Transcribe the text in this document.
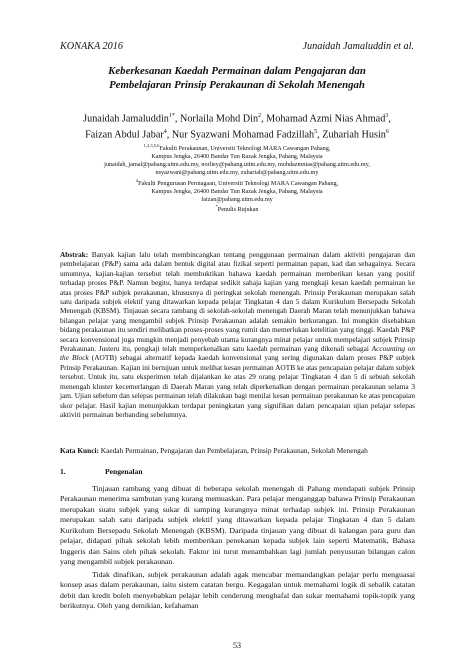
KONAKA 2016	Junaidah Jamaluddin et al.
Keberkesanan Kaedah Permainan dalam Pengajaran dan
Pembelajaran Prinsip Perakaunan di Sekolah Menengah
Junaidah Jamaluddin$^{1*}$, Norlaila Mohd Din$^2$, Mohamad Azmi Nias Ahmad$^3$,
Faizan Abdul Jabar$^4$, Nur Syazwani Mohamad Fadzillah$^5$, Zuhariah Husin$^6$
$^{1,2,3,5,6}$Fakulti Perakaunan, Universiti Teknologi MARA Cawangan Pahang,
Kampus Jengka, 26400 Bandar Tun Razak Jengka, Pahang, Malaysia
junaidah_jamal@pahang.uitm.edu.my, norliey@pahang.uitm.edu.my, mohdazmnias@pahang.uitm.edu.my,
nsyazwani@pahang.uitm.edu.my, zuhariah@pahang.uitm.edu.my
$^4$Fakulti Pengurusan Perniagaan, Universiti Teknologi MARA Cawangan Pahang,
Kampus Jengka, 26400 Bandar Tun Razak Jengka, Pahang, Malaysia
faizan@pahang.uitm.edu.my
*Penulis Rujukan
Abstrak: Banyak kajian lalu telah membincangkan tentang penggunaan permainan dalam aktiviti pengajaran dan pembelajaran (P&P) sama ada dalam bentuk digital atau fizikal seperti permainan papan, kad dan sebagainya. Secara umumnya, kajian-kajian tersebut telah membuktikan bahawa kaedah permainan memberikan kesan yang positif terhadap proses P&P. Namun begitu, hanya terdapat sedikit sahaja kajian yang mengkaji kesan kaedah permainan ke atas proses P&P subjek perakaunan, khususnya di peringkat sekolah menengah. Prinsip Perakaunan merupakan salah satu daripada subjek elektif yang ditawarkan kepada pelajar Tingkatan 4 dan 5 dalam Kurikulum Bersepadu Sekolah Menengah (KBSM). Tinjauan secara rambang di sekolah-sekolah menengah Daerah Maran telah menunjukkan bahawa bilangan pelajar yang mengambil subjek Prinsip Perakaunan adalah semakin berkurangan. Ini mungkin disebabkan bidang perakaunan itu sendiri melibatkan proses-proses yang rumit dan memerlukan ketelitian yang tinggi. Kaedah P&P secara konvensional juga mungkin menjadi penyebab utama kurangnya minat pelajar untuk mempelajari subjek Prinsip Perakaunan. Justeru itu, pengkaji telah memperkenalkan satu kaedah permainan yang dikenali sebagai Accounting on the Block (AOTB) sebagai alternatif kepada kaedah konvensional yang sering digunakan dalam proses P&P subjek Prinsip Perakaunan. Kajian ini bertujuan untuk melihat kesan permainan AOTB ke atas pencapaian pelajar dalam subjek tersebut. Untuk itu, satu eksperimen telah dijalankan ke atas 29 orang pelajar Tingkatan 4 dan 5 di sebuah sekolah menengah kluster kecemerlangan di Daerah Maran yang telah diperkenalkan dengan permainan perakaunan selama 3 jam. Ujian sebelum dan selepas permainan telah dilakukan bagi menilai kesan permainan perakaunan ke atas pencapaian skor pelajar. Hasil kajian menunjukkan terdapat peningkatan yang signifikan dalam pencapaian ujian pelajar selepas aktiviti permainan berbanding sebelumnya.
Kata Kunci: Kaedah Permainan, Pengajaran dan Pembelajaran, Prinsip Perakaunan, Sekolah Menengah
1.	Pengenalan

Tinjauan rambang yang dibuat di beberapa sekolah menengah di Pahang mendapati subjek Prinsip Perakaunan menerima sambutan yang kurang memuaskan. Para pelajar menganggap bahawa Prinsip Perakaunan merupakan suatu subjek yang sukar di samping kurangnya minat terhadap subjek ini. Prinsip Perakaunan merupakan salah satu daripada subjek elektif yang ditawarkan kepada pelajar Tingkatan 4 dan 5 dalam Kurikulum Bersepadu Sekolah Menengah (KBSM). Daripada tinjauan yang dibuat di kalangan para guru dan pelajar, didapati pihak sekolah lebih memberikan penekanan kepada subjek lain seperti Matematik, Bahasa Inggeris dan Sains oleh pihak sekolah. Faktor ini turut menambahkan lagi jumlah penyusutan bilangan calon yang mengambil subjek perakaunan.

Tidak dinafikan, subjek perakaunan adalah agak mencabar memandangkan pelajar perlu menguasai konsep asas dalam perakaunan, iaitu sistem catatan bergu. Kegagalan untuk memahami logik di sebalik catatan debit dan kredit boleh menyebabkan pelajar lebih cenderung menghafal dan sukar memahami topik-topik yang berikutnya. Oleh yang demikian, kefahaman

53
